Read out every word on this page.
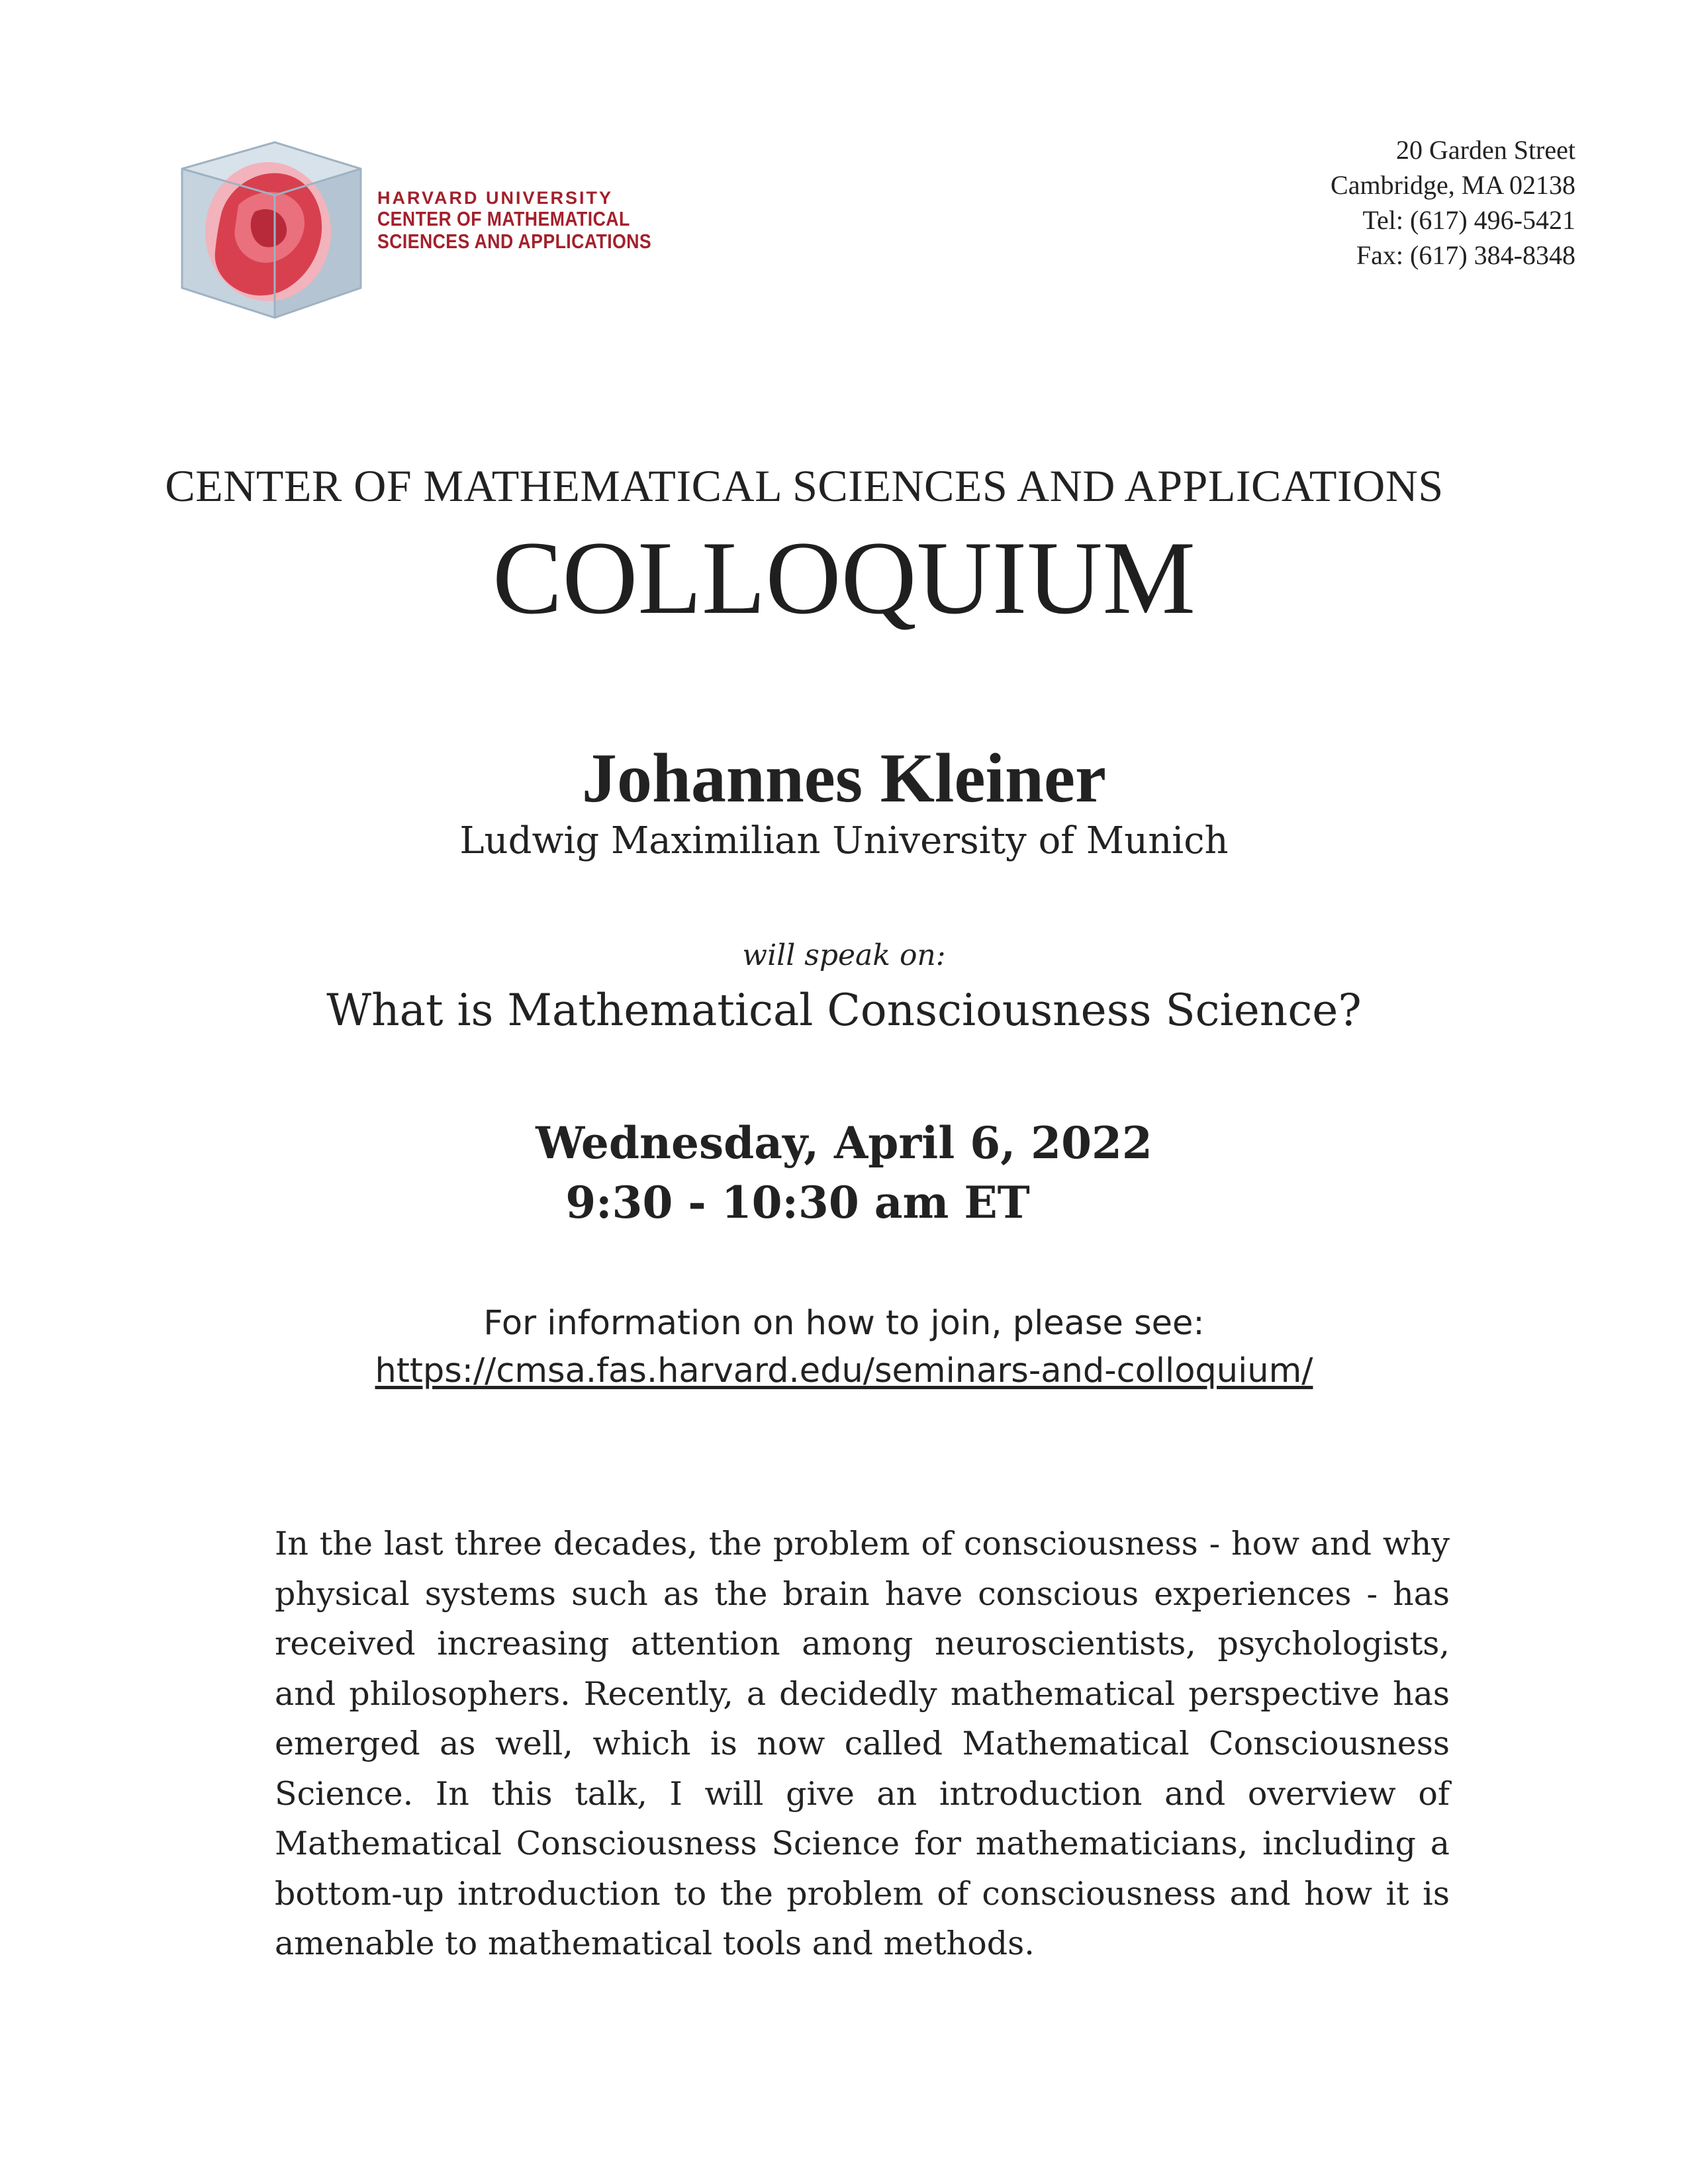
HARVARD UNIVERSITY
CENTER OF MATHEMATICAL
SCIENCES AND APPLICATIONS
20 Garden Street
Cambridge, MA 02138
Tel: (617) 496-5421
Fax: (617) 384-8348
CENTER OF MATHEMATICAL SCIENCES AND APPLICATIONS
COLLOQUIUM
Johannes Kleiner
Ludwig Maximilian University of Munich
will speak on:
What is Mathematical Consciousness Science?
Wednesday, April 6, 2022
9:30 - 10:30 am ET
For information on how to join, please see:
https://cmsa.fas.harvard.edu/seminars-and-colloquium/
In the last three decades, the problem of consciousness - how and why physical systems such as the brain have conscious experiences - has received increasing attention among neuroscientists, psychologists, and philosophers. Recently, a decidedly mathematical perspective has emerged as well, which is now called Mathematical Consciousness Science. In this talk, I will give an introduction and overview of Mathematical Consciousness Science for mathematicians, including a bottom-up introduction to the problem of consciousness and how it is amenable to mathematical tools and methods.
